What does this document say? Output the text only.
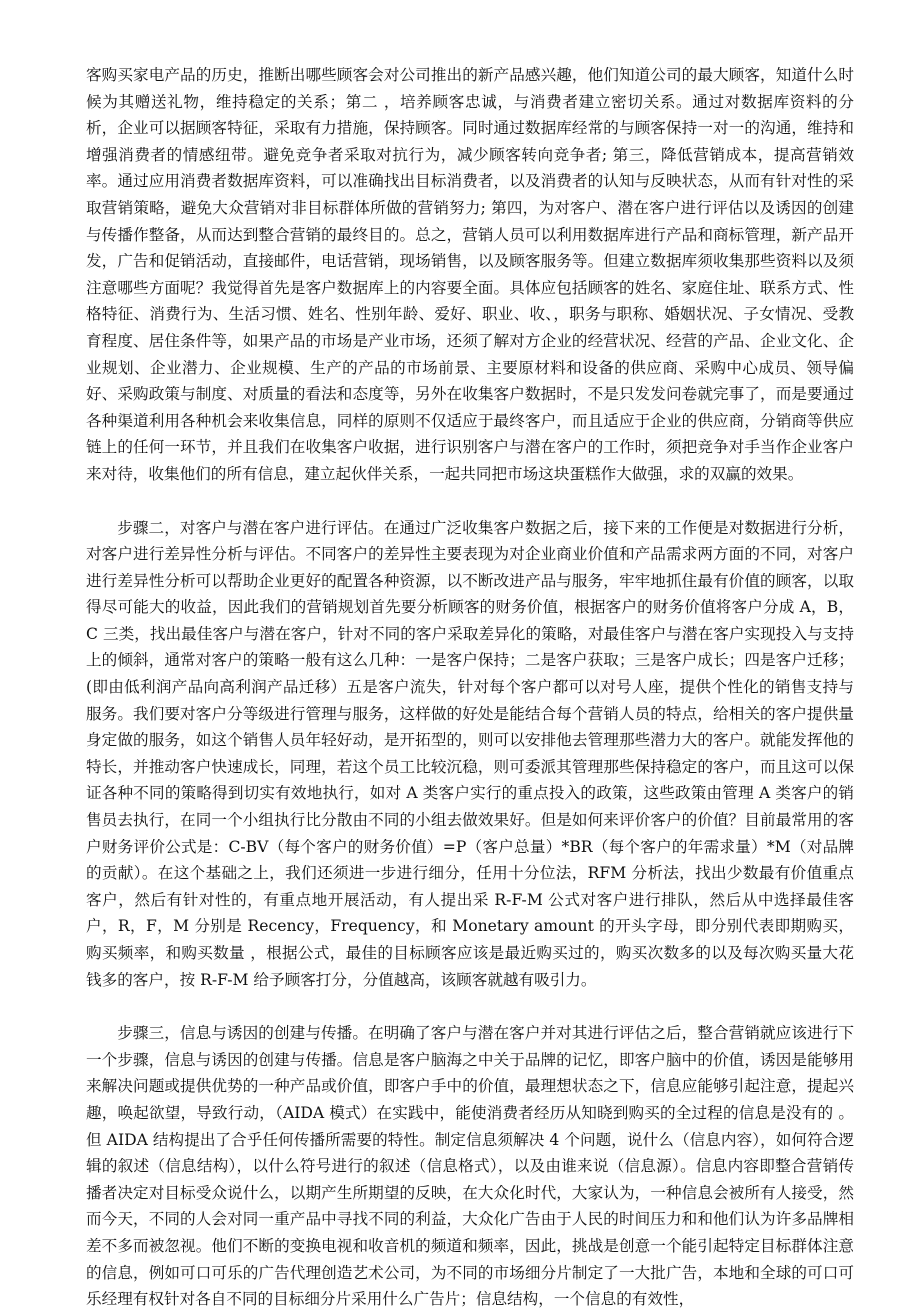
客购买家电产品的历史，推断出哪些顾客会对公司推出的新产品感兴趣，他们知道公司的最大顾客，知道什么时候为其赠送礼物，维持稳定的关系；第二 ，培养顾客忠诚，与消费者建立密切关系。通过对数据库资料的分析，企业可以据顾客特征，采取有力措施，保持顾客。同时通过数据库经常的与顾客保持一对一的沟通，维持和增强消费者的情感纽带。避免竞争者采取对抗行为，减少顾客转向竞争者; 第三，降低营销成本，提高营销效率。通过应用消费者数据库资料，可以准确找出目标消费者，以及消费者的认知与反映状态，从而有针对性的采取营销策略，避免大众营销对非目标群体所做的营销努力; 第四，为对客户、潜在客户进行评估以及诱因的创建与传播作整备，从而达到整合营销的最终目的。总之，营销人员可以利用数据库进行产品和商标管理，新产品开发，广告和促销活动，直接邮件，电话营销，现场销售，以及顾客服务等。但建立数据库须收集那些资料以及须注意哪些方面呢？我觉得首先是客户数据库上的内容要全面。具体应包括顾客的姓名、家庭住址、联系方式、性格特征、消费行为、生活习惯、姓名、性别年龄、爱好、职业、收、，职务与职称、婚姻状况、子女情况、受教育程度、居住条件等，如果产品的市场是产业市场，还须了解对方企业的经营状况、经营的产品、企业文化、企业规划、企业潜力、企业规模、生产的产品的市场前景、主要原材料和设备的供应商、采购中心成员、领导偏好、采购政策与制度、对质量的看法和态度等，另外在收集客户数据时，不是只发发问卷就完事了，而是要通过各种渠道利用各种机会来收集信息，同样的原则不仅适应于最终客户，而且适应于企业的供应商，分销商等供应链上的任何一环节，并且我们在收集客户收据，进行识别客户与潜在客户的工作时，须把竞争对手当作企业客户来对待，收集他们的所有信息，建立起伙伴关系，一起共同把市场这块蛋糕作大做强，求的双赢的效果。

步骤二，对客户与潜在客户进行评估。在通过广泛收集客户数据之后，接下来的工作便是对数据进行分析，对客户进行差异性分析与评估。不同客户的差异性主要表现为对企业商业价值和产品需求两方面的不同，对客户进行差异性分析可以帮助企业更好的配置各种资源，以不断改进产品与服务，牢牢地抓住最有价值的顾客，以取得尽可能大的收益，因此我们的营销规划首先要分析顾客的财务价值，根据客户的财务价值将客户分成 A，B，C 三类，找出最佳客户与潜在客户，针对不同的客户采取差异化的策略，对最佳客户与潜在客户实现投入与支持上的倾斜，通常对客户的策略一般有这么几种：一是客户保持；二是客户获取；三是客户成长；四是客户迁移；(即由低利润产品向高利润产品迁移）五是客户流失，针对每个客户都可以对号人座，提供个性化的销售支持与服务。我们要对客户分等级进行管理与服务，这样做的好处是能结合每个营销人员的特点，给相关的客户提供量身定做的服务，如这个销售人员年轻好动，是开拓型的，则可以安排他去管理那些潜力大的客户。就能发挥他的特长，并推动客户快速成长，同理，若这个员工比较沉稳，则可委派其管理那些保持稳定的客户，而且这可以保证各种不同的策略得到切实有效地执行，如对 A 类客户实行的重点投入的政策，这些政策由管理 A 类客户的销售员去执行，在同一个小组执行比分散由不同的小组去做效果好。但是如何来评价客户的价值？目前最常用的客户财务评价公式是：C-BV（每个客户的财务价值）=P（客户总量）*BR（每个客户的年需求量）*M（对品牌的贡献）。在这个基础之上，我们还须进一步进行细分，任用十分位法，RFM 分析法，找出少数最有价值重点客户，然后有针对性的，有重点地开展活动，有人提出采 R-F-M 公式对客户进行排队，然后从中选择最佳客户，R，F，M 分别是 Recency，Frequency，和 Monetary amount 的开头字母，即分别代表即期购买，购买频率，和购买数量 ，根据公式，最佳的目标顾客应该是最近购买过的，购买次数多的以及每次购买量大花钱多的客户，按 R-F-M 给予顾客打分，分值越高，该顾客就越有吸引力。

步骤三，信息与诱因的创建与传播。在明确了客户与潜在客户并对其进行评估之后，整合营销就应该进行下一个步骤，信息与诱因的创建与传播。信息是客户脑海之中关于品牌的记忆，即客户脑中的价值，诱因是能够用来解决问题或提供优势的一种产品或价值，即客户手中的价值，最理想状态之下，信息应能够引起注意，提起兴趣，唤起欲望，导致行动，（AIDA 模式）在实践中，能使消费者经历从知晓到购买的全过程的信息是没有的 。但 AIDA 结构提出了合乎任何传播所需要的特性。制定信息须解决 4 个问题，说什么（信息内容），如何符合逻辑的叙述（信息结构），以什么符号进行的叙述（信息格式），以及由谁来说（信息源）。信息内容即整合营销传播者决定对目标受众说什么，以期产生所期望的反映，在大众化时代，大家认为，一种信息会被所有人接受，然而今天，不同的人会对同一重产品中寻找不同的利益，大众化广告由于人民的时间压力和和他们认为许多品牌相差不多而被忽视。他们不断的变换电视和收音机的频道和频率，因此，挑战是创意一个能引起特定目标群体注意的信息，例如可口可乐的广告代理创造艺术公司，为不同的市场细分片制定了一大批广告，本地和全球的可口可乐经理有权针对各自不同的目标细分片采用什么广告片；信息结构，一个信息的有效性，
